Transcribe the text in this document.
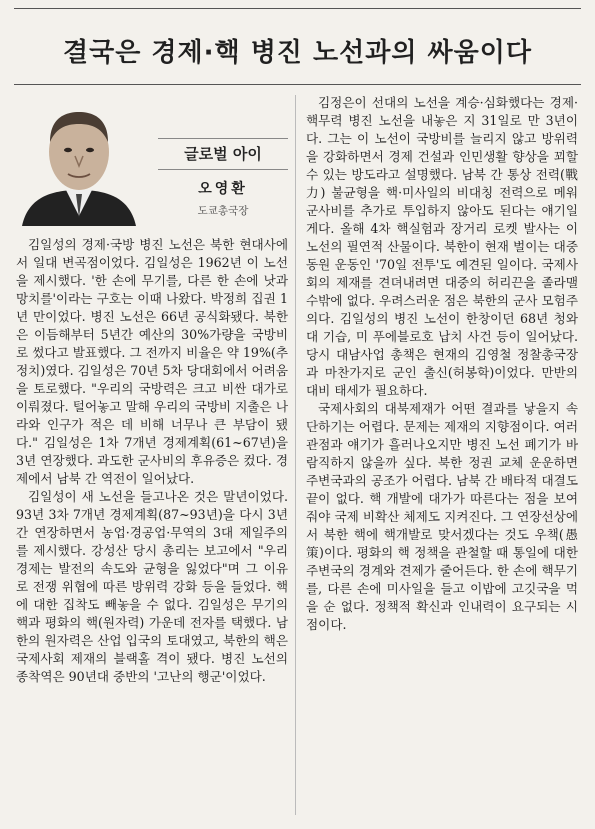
결국은 경제·핵 병진 노선과의 싸움이다
글로벌 아이
오영환
도쿄총국장

김일성의 경제·국방 병진 노선은 북한 현대사에서 일대 변곡점이었다. 김일성은 1962년 이 노선을 제시했다. '한 손에 무기를, 다른 한 손에 낫과 망치를'이라는 구호는 이때 나왔다. 박정희 집권 1년 만이었다. 병진 노선은 66년 공식화됐다. 북한은 이듬해부터 5년간 예산의 30%가량을 국방비로 썼다고 발표했다. 그 전까지 비율은 약 19%(추정치)였다. 김일성은 70년 5차 당대회에서 어려움을 토로했다. "우리의 국방력은 크고 비싼 대가로 이뤄졌다. 털어놓고 말해 우리의 국방비 지출은 나라와 인구가 적은 데 비해 너무나 큰 부담이 됐다." 김일성은 1차 7개년 경제계획(61~67년)을 3년 연장했다. 과도한 군사비의 후유증은 컸다. 경제에서 남북 간 역전이 일어났다.

김일성이 새 노선을 들고나온 것은 말년이었다. 93년 3차 7개년 경제계획(87~93년)을 다시 3년간 연장하면서 농업·경공업·무역의 3대 제일주의를 제시했다. 강성산 당시 총리는 보고에서 "우리 경제는 발전의 속도와 균형을 잃었다"며 그 이유로 전쟁 위협에 따른 방위력 강화 등을 들었다. 핵에 대한 집착도 빼놓을 수 없다. 김일성은 무기의 핵과 평화의 핵(원자력) 가운데 전자를 택했다. 남한의 원자력은 산업 입국의 토대였고, 북한의 핵은 국제사회 제재의 블랙홀 격이 됐다. 병진 노선의 종착역은 90년대 중반의 '고난의 행군'이었다.

김정은이 선대의 노선을 계승·심화했다는 경제·핵무력 병진 노선을 내놓은 지 31일로 만 3년이다. 그는 이 노선이 국방비를 늘리지 않고 방위력을 강화하면서 경제 건설과 인민생활 향상을 꾀할 수 있는 방도라고 설명했다. 남북 간 통상 전력(戰力) 불균형을 핵·미사일의 비대칭 전력으로 메워 군사비를 추가로 투입하지 않아도 된다는 얘기일 게다. 올해 4차 핵실험과 장거리 로켓 발사는 이 노선의 필연적 산물이다. 북한이 현재 벌이는 대중 동원 운동인 '70일 전투'도 예견된 일이다. 국제사회의 제재를 견뎌내려면 대중의 허리끈을 졸라맬 수밖에 없다. 우려스러운 점은 북한의 군사 모험주의다. 김일성의 병진 노선이 한창이던 68년 청와대 기습, 미 푸에블로호 납치 사건 등이 일어났다. 당시 대남사업 총책은 현재의 김영철 정찰총국장과 마찬가지로 군인 출신(허봉학)이었다. 만반의 대비 태세가 필요하다.

국제사회의 대북제재가 어떤 결과를 낳을지 속단하기는 어렵다. 문제는 제재의 지향점이다. 여러 관점과 얘기가 흘러나오지만 병진 노선 폐기가 바람직하지 않을까 싶다. 북한 정권 교체 운운하면 주변국과의 공조가 어렵다. 남북 간 배타적 대결도 끝이 없다. 핵 개발에 대가가 따른다는 점을 보여줘야 국제 비확산 체제도 지켜진다. 그 연장선상에서 북한 핵에 핵개발로 맞서겠다는 것도 우책(愚策)이다. 평화의 핵 정책을 관철할 때 통일에 대한 주변국의 경계와 견제가 줄어든다. 한 손에 핵무기를, 다른 손에 미사일을 들고 이밥에 고깃국을 먹을 순 없다. 정책적 확신과 인내력이 요구되는 시점이다.
